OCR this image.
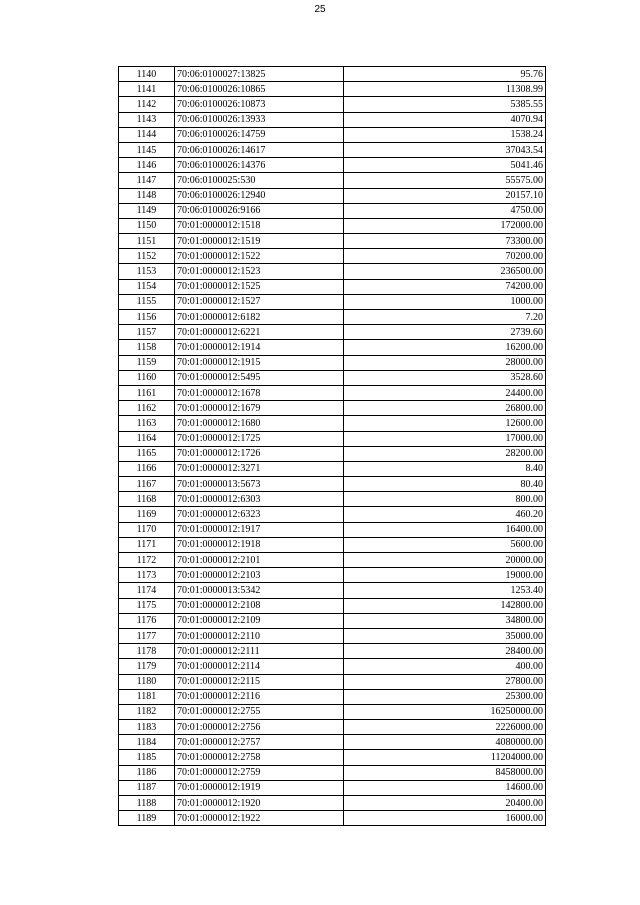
25
1140	70:06:0100027:13825	95.76
1141	70:06:0100026:10865	11308.99
1142	70:06:0100026:10873	5385.55
1143	70:06:0100026:13933	4070.94
1144	70:06:0100026:14759	1538.24
1145	70:06:0100026:14617	37043.54
1146	70:06:0100026:14376	5041.46
1147	70:06:0100025:530	55575.00
1148	70:06:0100026:12940	20157.10
1149	70:06:0100026:9166	4750.00
1150	70:01:0000012:1518	172000.00
1151	70:01:0000012:1519	73300.00
1152	70:01:0000012:1522	70200.00
1153	70:01:0000012:1523	236500.00
1154	70:01:0000012:1525	74200.00
1155	70:01:0000012:1527	1000.00
1156	70:01:0000012:6182	7.20
1157	70:01:0000012:6221	2739.60
1158	70:01:0000012:1914	16200.00
1159	70:01:0000012:1915	28000.00
1160	70:01:0000012:5495	3528.60
1161	70:01:0000012:1678	24400.00
1162	70:01:0000012:1679	26800.00
1163	70:01:0000012:1680	12600.00
1164	70:01:0000012:1725	17000.00
1165	70:01:0000012:1726	28200.00
1166	70:01:0000012:3271	8.40
1167	70:01:0000013:5673	80.40
1168	70:01:0000012:6303	800.00
1169	70:01:0000012:6323	460.20
1170	70:01:0000012:1917	16400.00
1171	70:01:0000012:1918	5600.00
1172	70:01:0000012:2101	20000.00
1173	70:01:0000012:2103	19000.00
1174	70:01:0000013:5342	1253.40
1175	70:01:0000012:2108	142800.00
1176	70:01:0000012:2109	34800.00
1177	70:01:0000012:2110	35000.00
1178	70:01:0000012:2111	28400.00
1179	70:01:0000012:2114	400.00
1180	70:01:0000012:2115	27800.00
1181	70:01:0000012:2116	25300.00
1182	70:01:0000012:2755	16250000.00
1183	70:01:0000012:2756	2226000.00
1184	70:01:0000012:2757	4080000.00
1185	70:01:0000012:2758	11204000.00
1186	70:01:0000012:2759	8458000.00
1187	70:01:0000012:1919	14600.00
1188	70:01:0000012:1920	20400.00
1189	70:01:0000012:1922	16000.00
